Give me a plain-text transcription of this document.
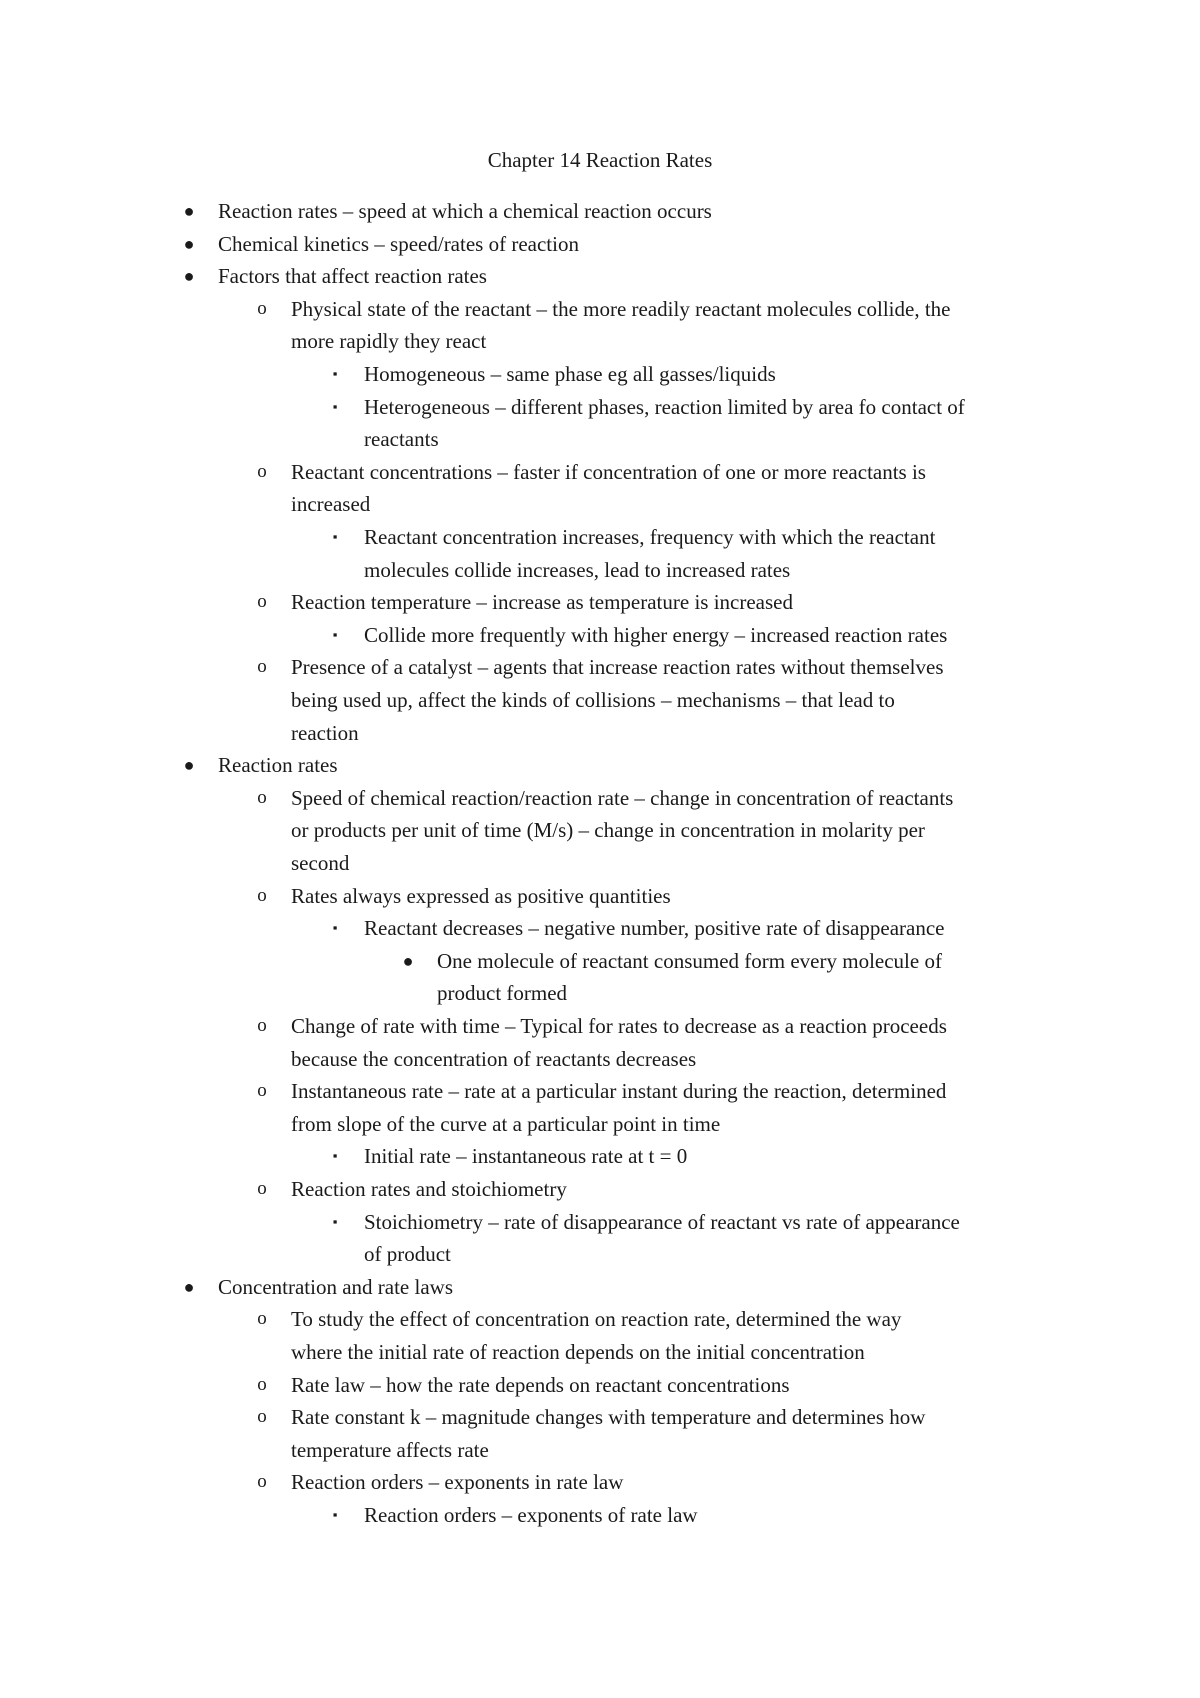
Chapter 14 Reaction Rates
●	Reaction rates – speed at which a chemical reaction occurs
●	Chemical kinetics – speed/rates of reaction
●	Factors that affect reaction rates
o	Physical state of the reactant – the more readily reactant molecules collide, the
more rapidly they react
▪	Homogeneous – same phase eg all gasses/liquids
▪	Heterogeneous – different phases, reaction limited by area fo contact of
reactants
o	Reactant concentrations – faster if concentration of one or more reactants is
increased
▪	Reactant concentration increases, frequency with which the reactant
molecules collide increases, lead to increased rates
o	Reaction temperature – increase as temperature is increased
▪	Collide more frequently with higher energy – increased reaction rates
o	Presence of a catalyst – agents that increase reaction rates without themselves
being used up, affect the kinds of collisions – mechanisms – that lead to
reaction
●	Reaction rates
o	Speed of chemical reaction/reaction rate – change in concentration of reactants
or products per unit of time (M/s) – change in concentration in molarity per
second
o	Rates always expressed as positive quantities
▪	Reactant decreases – negative number, positive rate of disappearance
●	One molecule of reactant consumed form every molecule of
product formed
o	Change of rate with time – Typical for rates to decrease as a reaction proceeds
because the concentration of reactants decreases
o	Instantaneous rate – rate at a particular instant during the reaction, determined
from slope of the curve at a particular point in time
▪	Initial rate – instantaneous rate at t = 0
o	Reaction rates and stoichiometry
▪	Stoichiometry – rate of disappearance of reactant vs rate of appearance
of product
●	Concentration and rate laws
o	To study the effect of concentration on reaction rate, determined the way
where the initial rate of reaction depends on the initial concentration
o	Rate law – how the rate depends on reactant concentrations
o	Rate constant k – magnitude changes with temperature and determines how
temperature affects rate
o	Reaction orders – exponents in rate law
▪	Reaction orders – exponents of rate law
